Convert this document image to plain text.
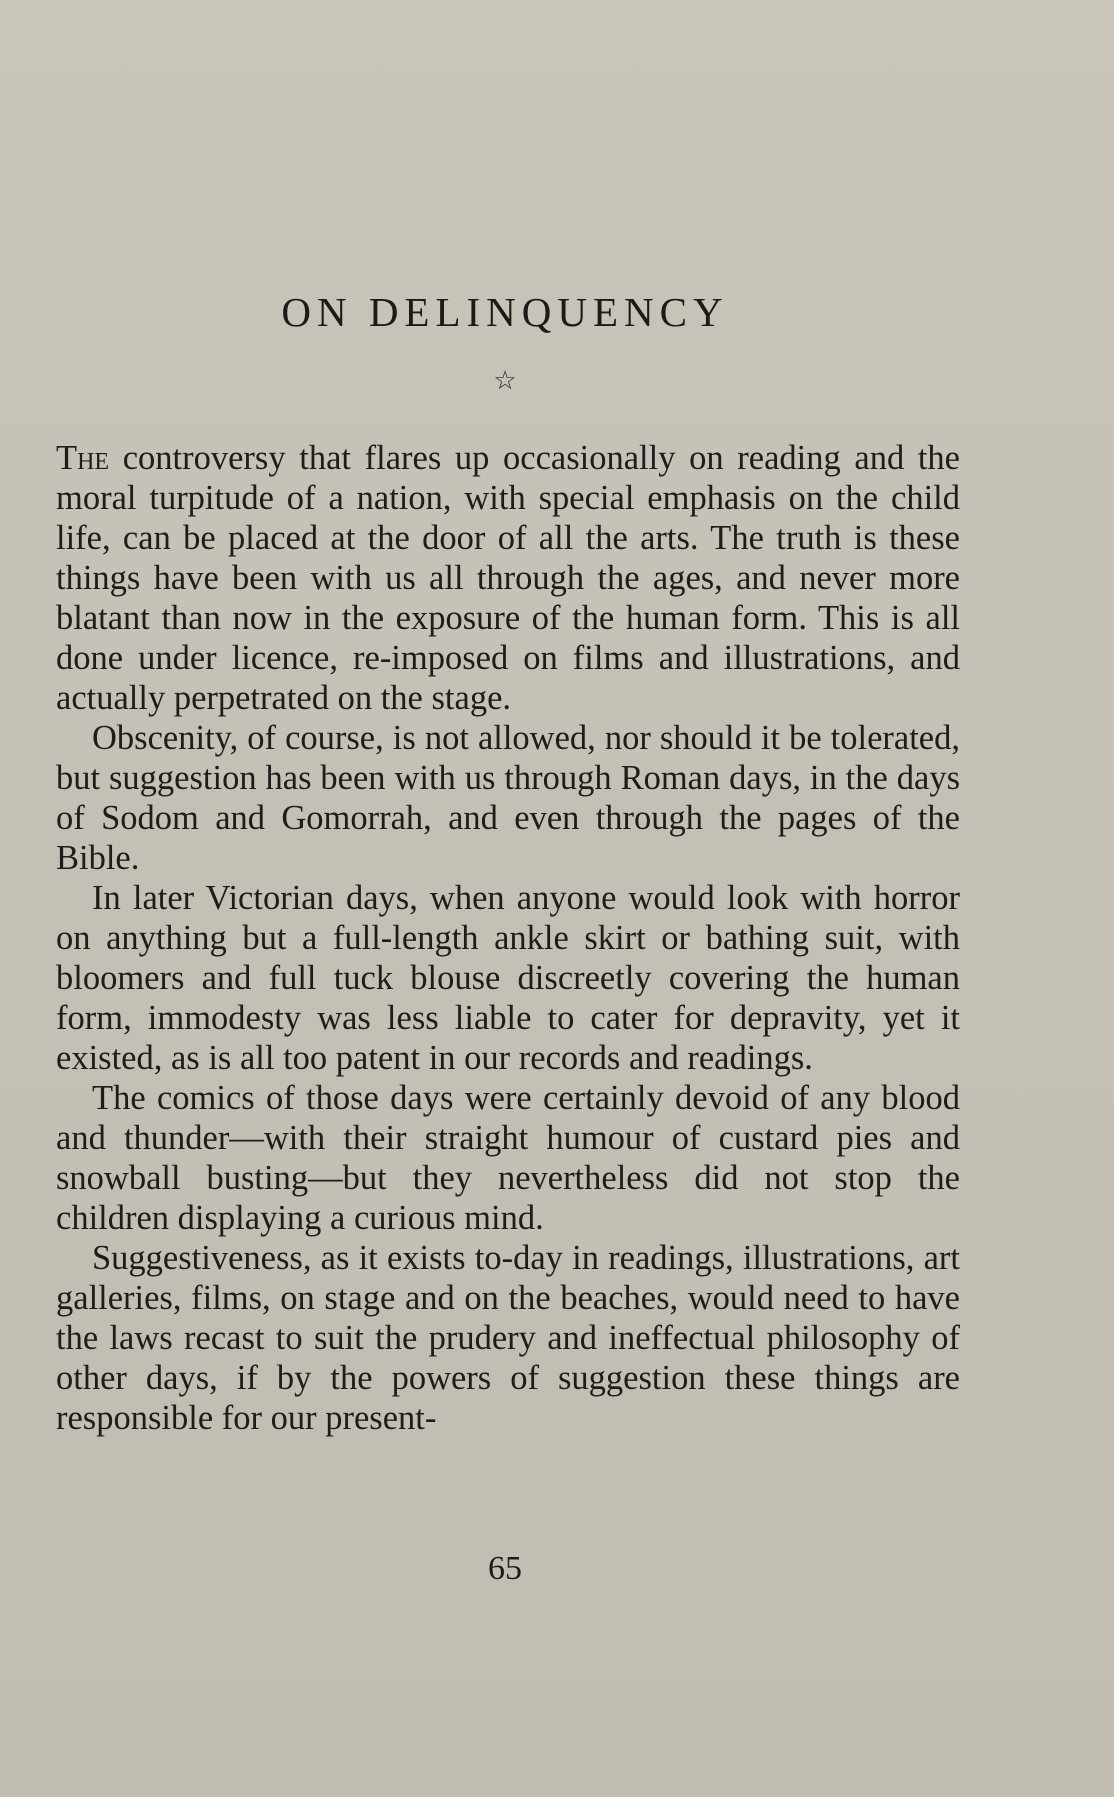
ON DELINQUENCY
☆

The controversy that flares up occasionally on reading and the moral turpitude of a nation, with special emphasis on the child life, can be placed at the door of all the arts. The truth is these things have been with us all through the ages, and never more blatant than now in the exposure of the human form. This is all done under licence, re-imposed on films and illustrations, and actually perpetrated on the stage.

Obscenity, of course, is not allowed, nor should it be tolerated, but suggestion has been with us through Roman days, in the days of Sodom and Gomorrah, and even through the pages of the Bible.

In later Victorian days, when anyone would look with horror on anything but a full-length ankle skirt or bathing suit, with bloomers and full tuck blouse discreetly covering the human form, immodesty was less liable to cater for depravity, yet it existed, as is all too patent in our records and readings.

The comics of those days were certainly devoid of any blood and thunder—with their straight humour of custard pies and snowball busting—but they nevertheless did not stop the children displaying a curious mind.

Suggestiveness, as it exists to-day in readings, illustrations, art galleries, films, on stage and on the beaches, would need to have the laws recast to suit the prudery and ineffectual philosophy of other days, if by the powers of suggestion these things are responsible for our present-

65
